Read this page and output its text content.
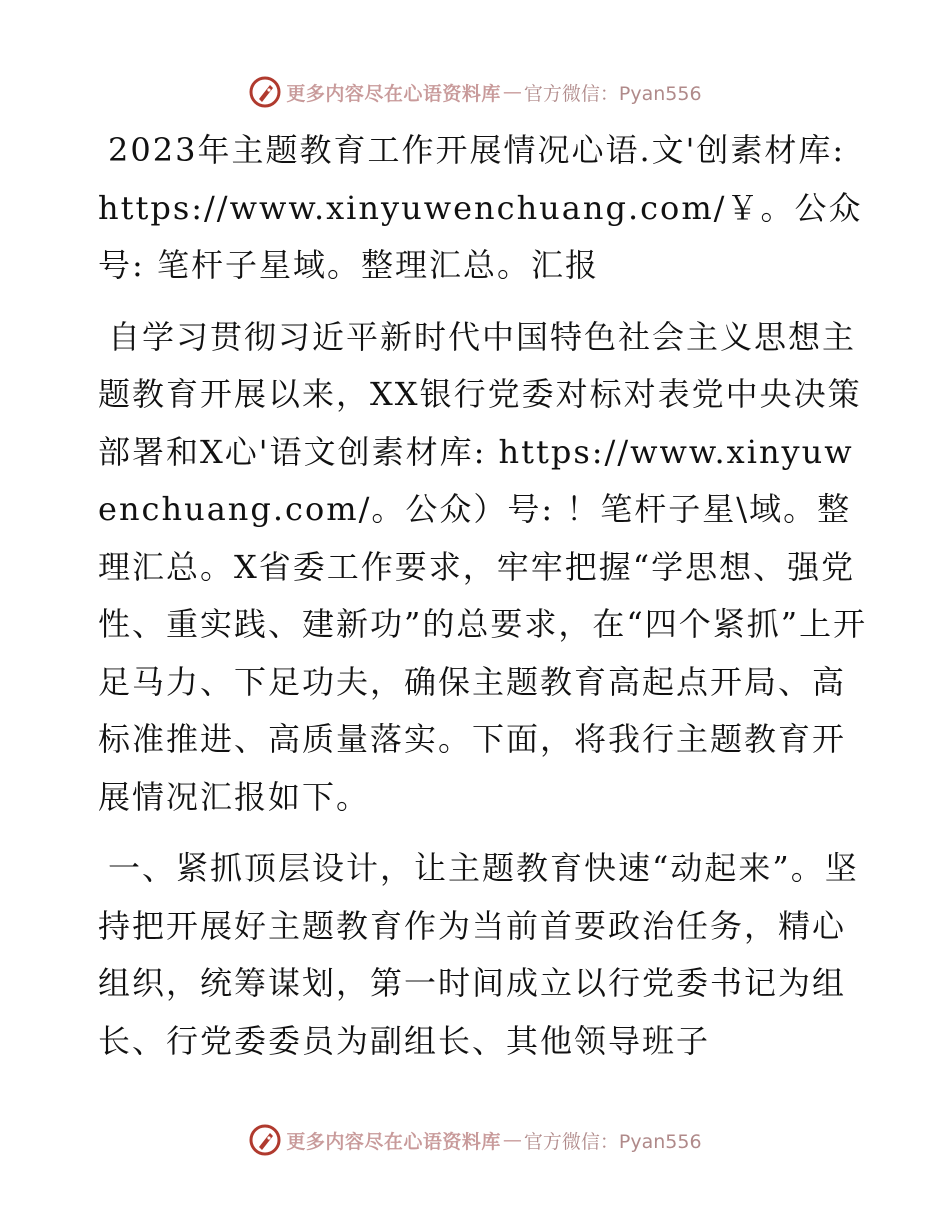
更多内容尽在心语资料库 — 官方微信：Pyan556

2023年主题教育工作开展情况心语.文'创素材库: https://www.xinyuwenchuang.com/￥。公众号: 笔杆子星域。整理汇总。汇报

自学习贯彻习近平新时代中国特色社会主义思想主题教育开展以来，XX银行党委对标对表党中央决策部署和X心'语文创素材库: https://www.xinyuwenchuang.com/。公众）号: ！笔杆子星\域。整理汇总。X省委工作要求，牢牢把握“学思想、强党性、重实践、建新功”的总要求，在“四个紧抓”上开足马力、下足功夫，确保主题教育高起点开局、高标准推进、高质量落实。下面，将我行主题教育开展情况汇报如下。

一、紧抓顶层设计，让主题教育快速“动起来”。坚持把开展好主题教育作为当前首要政治任务，精心组织，统筹谋划，第一时间成立以行党委书记为组长、行党委委员为副组长、其他领导班子

更多内容尽在心语资料库 — 官方微信：Pyan556
